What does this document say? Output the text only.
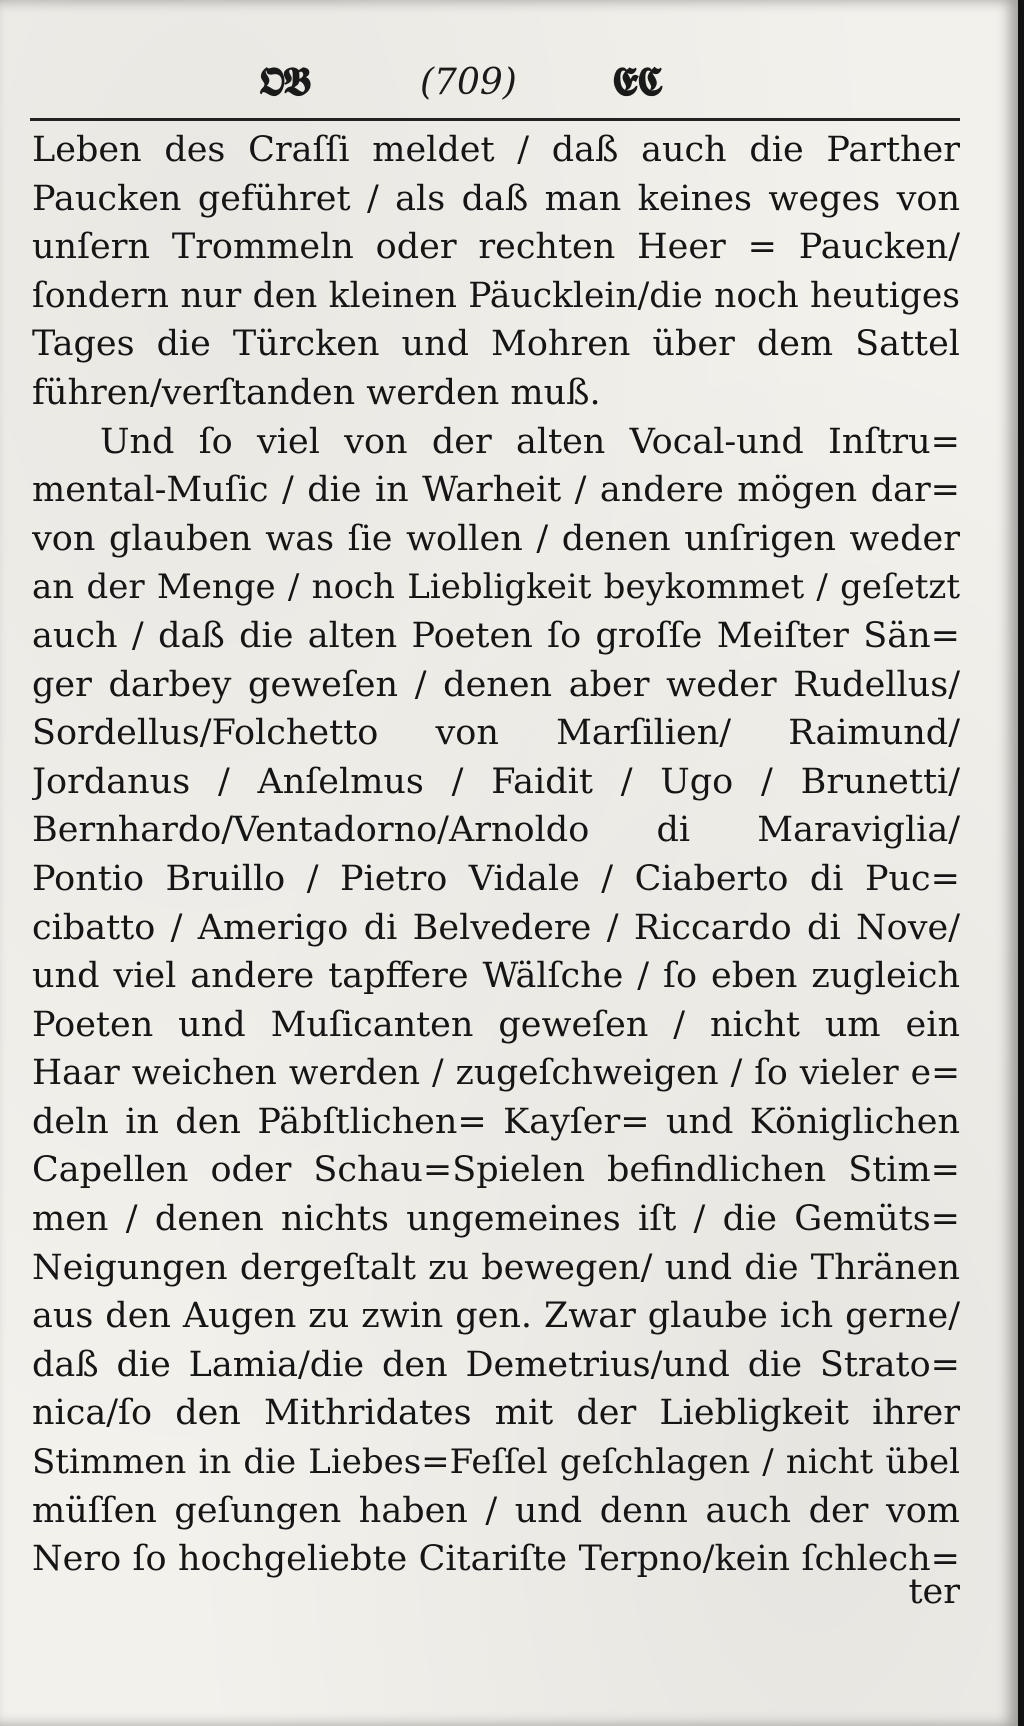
𝕺𝕭	(709) 𝕰𝕮
Leben des Craſſi meldet / daß auch die Parther
Paucken geführet / als daß man keines weges von
unſern Trommeln oder rechten Heer = Paucken/
ſondern nur den kleinen Päucklein/die noch heutiges
Tages die Türcken und Mohren über dem Sattel
führen/verſtanden werden muß.
Und ſo viel von der alten Vocal-und Inſtru=
mental-Muſic / die in Warheit / andere mögen dar=
von glauben was ſie wollen / denen unſrigen weder
an der Menge / noch Liebligkeit beykommet / geſetzt
auch / daß die alten Poeten ſo groſſe Meiſter Sän=
ger darbey geweſen / denen aber weder Rudellus/
Sordellus/Folchetto von Marſilien/ Raimund/
Jordanus / Anſelmus / Faidit / Ugo / Brunetti/
Bernhardo/Ventadorno/Arnoldo di Maraviglia/
Pontio Bruillo / Pietro Vidale / Ciaberto di Puc=
cibatto / Amerigo di Belvedere / Riccardo di Nove/
und viel andere tapffere Wälſche / ſo eben zugleich
Poeten und Muſicanten geweſen / nicht um ein
Haar weichen werden / zugeſchweigen / ſo vieler e=
deln in den Päbſtlichen= Kayſer= und Königlichen
Capellen oder Schau=Spielen befindlichen Stim=
men / denen nichts ungemeines iſt / die Gemüts=
Neigungen dergeſtalt zu bewegen/ und die Thränen
aus den Augen zu zwin gen. Zwar glaube ich gerne/
daß die Lamia/die den Demetrius/und die Strato=
nica/ſo den Mithridates mit der Liebligkeit ihrer
Stimmen in die Liebes=Feſſel geſchlagen / nicht übel
müſſen geſungen haben / und denn auch der vom
Nero ſo hochgeliebte Citariſte Terpno/kein ſchlech=
ter
